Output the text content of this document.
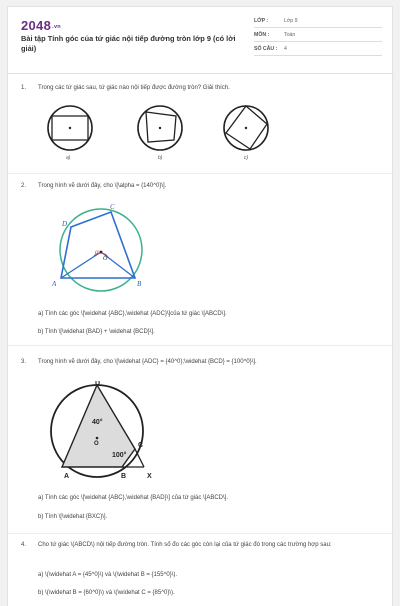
2048.vn
Bài tập Tính góc của tứ giác nội tiếp đường tròn lớp 9 (có lời giải)
LỚP :	Lớp 9
MÔN :	Toán
SỐ CÂU :	4
1. Trong các tứ giác sau, tứ giác nào nội tiếp được đường tròn? Giải thích.
a)	b)	c)
2. Trong hình vẽ dưới đây, cho \[\alpha = {140^0}\].
D
C
A	B
α
O
a) Tính các góc \[\widehat {ABC},\widehat {ADC}\]của tứ giác \[ABCD\].
b) Tính \[\widehat {BAD} + \widehat {BCD}\].
3. Trong hình vẽ dưới đây, cho \[\widehat {ADC} = {40^0};\widehat {BCD} = {100^0}\].
D
C
A	B	X
O
40°
100°
a) Tính các góc \[\widehat {ABC},\widehat {BAD}\] của tứ giác \[ABCD\].
b) Tính \[\widehat {BXC}\].
4. Cho tứ giác \(ABCD\) nội tiếp đường tròn. Tính số đo các góc còn lại của tứ giác đó trong các trường hợp sau:
a) \(\widehat A = {45^0}\) và \(\widehat B = {155^0}\).
b) \(\widehat B = {60^0}\) và \(\widehat C = {85^0}\).
